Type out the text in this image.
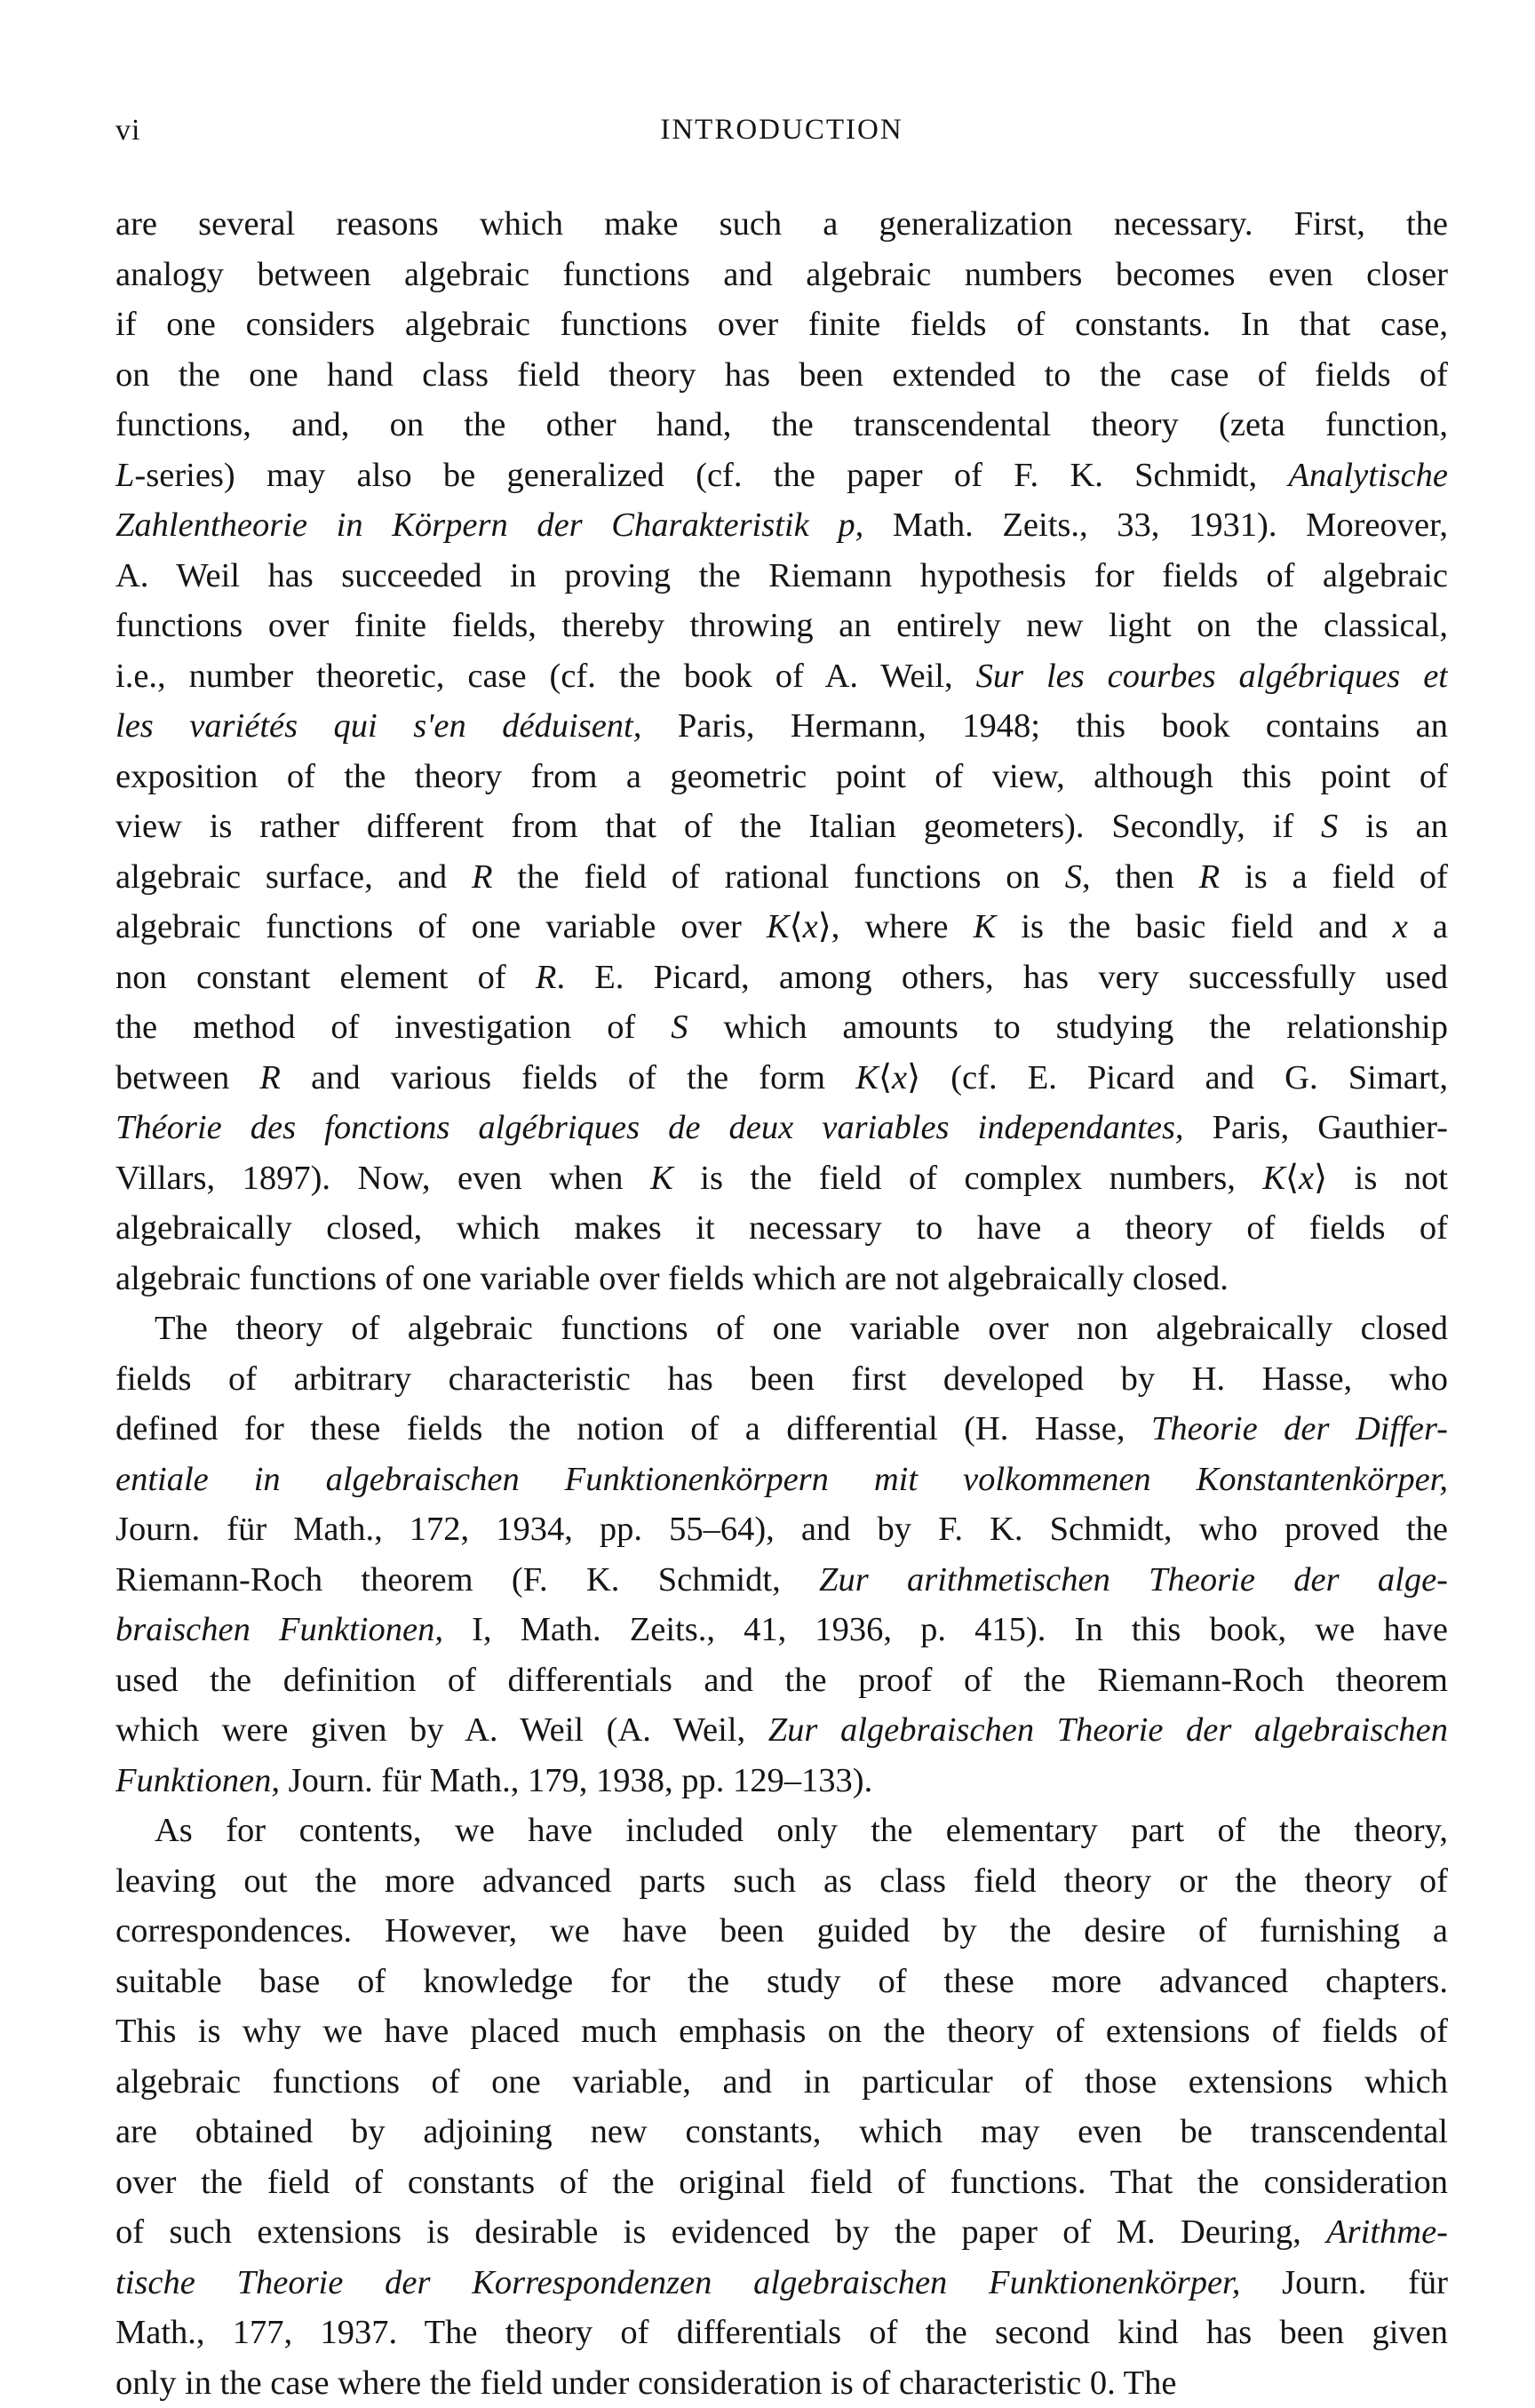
vi	INTRODUCTION
are several reasons which make such a generalization necessary. First, the
analogy between algebraic functions and algebraic numbers becomes even closer
if one considers algebraic functions over finite fields of constants. In that case,
on the one hand class field theory has been extended to the case of fields of
functions, and, on the other hand, the transcendental theory (zeta function,
L-series) may also be generalized (cf. the paper of F. K. Schmidt, Analytische
Zahlentheorie in Körpern der Charakteristik p, Math. Zeits., 33, 1931). Moreover,
A. Weil has succeeded in proving the Riemann hypothesis for fields of algebraic
functions over finite fields, thereby throwing an entirely new light on the classical,
i.e., number theoretic, case (cf. the book of A. Weil, Sur les courbes algébriques et
les variétés qui s'en déduisent, Paris, Hermann, 1948; this book contains an
exposition of the theory from a geometric point of view, although this point of
view is rather different from that of the Italian geometers). Secondly, if S is an
algebraic surface, and R the field of rational functions on S, then R is a field of
algebraic functions of one variable over K⟨x⟩, where K is the basic field and x a
non constant element of R. E. Picard, among others, has very successfully used
the method of investigation of S which amounts to studying the relationship
between R and various fields of the form K⟨x⟩ (cf. E. Picard and G. Simart,
Théorie des fonctions algébriques de deux variables independantes, Paris, Gauthier-
Villars, 1897). Now, even when K is the field of complex numbers, K⟨x⟩ is not
algebraically closed, which makes it necessary to have a theory of fields of
algebraic functions of one variable over fields which are not algebraically closed.
The theory of algebraic functions of one variable over non algebraically closed
fields of arbitrary characteristic has been first developed by H. Hasse, who
defined for these fields the notion of a differential (H. Hasse, Theorie der Differ-
entiale in algebraischen Funktionenkörpern mit volkommenen Konstantenkörper,
Journ. für Math., 172, 1934, pp. 55–64), and by F. K. Schmidt, who proved the
Riemann-Roch theorem (F. K. Schmidt, Zur arithmetischen Theorie der alge-
braischen Funktionen, I, Math. Zeits., 41, 1936, p. 415). In this book, we have
used the definition of differentials and the proof of the Riemann-Roch theorem
which were given by A. Weil (A. Weil, Zur algebraischen Theorie der algebraischen
Funktionen, Journ. für Math., 179, 1938, pp. 129–133).
As for contents, we have included only the elementary part of the theory,
leaving out the more advanced parts such as class field theory or the theory of
correspondences. However, we have been guided by the desire of furnishing a
suitable base of knowledge for the study of these more advanced chapters.
This is why we have placed much emphasis on the theory of extensions of fields of
algebraic functions of one variable, and in particular of those extensions which
are obtained by adjoining new constants, which may even be transcendental
over the field of constants of the original field of functions. That the consideration
of such extensions is desirable is evidenced by the paper of M. Deuring, Arithme-
tische Theorie der Korrespondenzen algebraischen Funktionenkörper, Journ. für
Math., 177, 1937. The theory of differentials of the second kind has been given
only in the case where the field under consideration is of characteristic 0. The
